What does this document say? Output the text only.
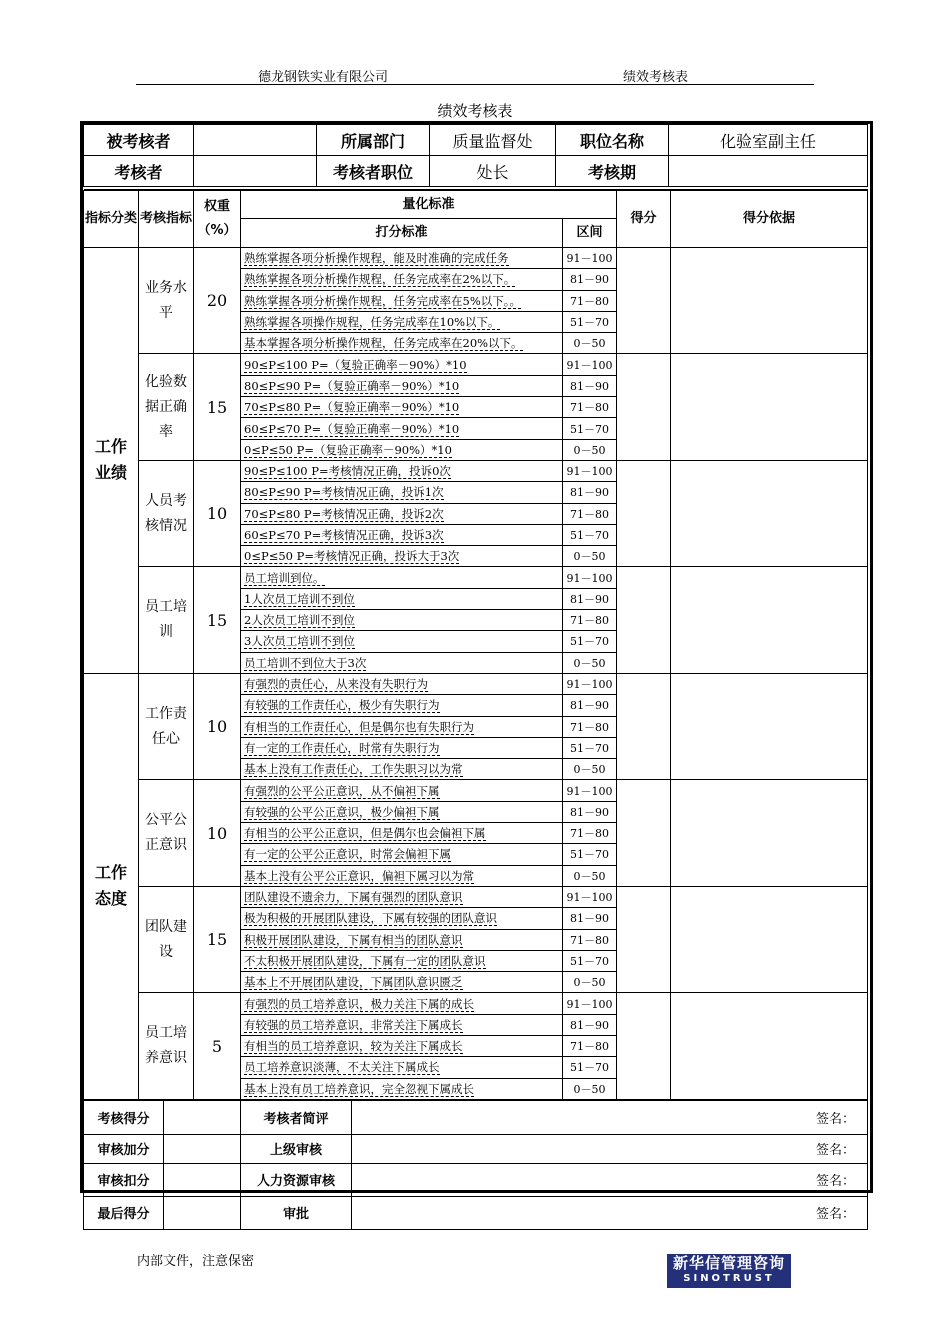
德龙钢铁实业有限公司	绩效考核表
绩效考核表
被考核者		所属部门	质量监督处	职位名称	化验室副主任
考核者		考核者职位	处长	考核期	

指标分类	考核指标	权重（%）	量化标准		得分	得分依据
			打分标准	区间		
工作业绩	业务水平	20	熟练掌握各项分析操作规程，能及时准确的完成任务	91－100		
			熟练掌握各项分析操作规程，任务完成率在2%以下。	81－90		
			熟练掌握各项分析操作规程，任务完成率在5%以下。。	71－80		
			熟练掌握各项操作规程，任务完成率在10%以下。	51－70		
			基本掌握各项分析操作规程，任务完成率在20%以下。	0－50		
	化验数据正确率	15	90≤P≤100 P=（复验正确率－90%）*10	91－100		
			80≤P≤90 P=（复验正确率－90%）*10	81－90		
			70≤P≤80 P=（复验正确率－90%）*10	71－80		
			60≤P≤70 P=（复验正确率－90%）*10	51－70		
			0≤P≤50 P=（复验正确率－90%）*10	0－50		
	人员考核情况	10	90≤P≤100 P=考核情况正确，投诉0次	91－100		
			80≤P≤90 P=考核情况正确，投诉1次	81－90		
			70≤P≤80 P=考核情况正确，投诉2次	71－80		
			60≤P≤70 P=考核情况正确，投诉3次	51－70		
			0≤P≤50 P=考核情况正确，投诉大于3次	0－50		
	员工培训	15	员工培训到位。	91－100		
			1人次员工培训不到位	81－90		
			2人次员工培训不到位	71－80		
			3人次员工培训不到位	51－70		
			员工培训不到位大于3次	0－50		
工作态度	工作责任心	10	有强烈的责任心，从来没有失职行为	91－100		
			有较强的工作责任心，极少有失职行为	81－90		
			有相当的工作责任心，但是偶尔也有失职行为	71－80		
			有一定的工作责任心，时常有失职行为	51－70		
			基本上没有工作责任心，工作失职习以为常	0－50		
	公平公正意识	10	有强烈的公平公正意识，从不偏袒下属	91－100		
			有较强的公平公正意识，极少偏袒下属	81－90		
			有相当的公平公正意识，但是偶尔也会偏袒下属	71－80		
			有一定的公平公正意识，时常会偏袒下属	51－70		
			基本上没有公平公正意识，偏袒下属习以为常	0－50		
	团队建设	15	团队建设不遗余力，下属有强烈的团队意识	91－100		
			极为积极的开展团队建设，下属有较强的团队意识	81－90		
			积极开展团队建设，下属有相当的团队意识	71－80		
			不太积极开展团队建设，下属有一定的团队意识	51－70		
			基本上不开展团队建设，下属团队意识匮乏	0－50		
	员工培养意识	5	有强烈的员工培养意识，极力关注下属的成长	91－100		
			有较强的员工培养意识，非常关注下属成长	81－90		
			有相当的员工培养意识，较为关注下属成长	71－80		
			员工培养意识淡薄，不太关注下属成长	51－70		
			基本上没有员工培养意识，完全忽视下属成长	0－50		
考核得分		考核者简评	签名：
审核加分		上级审核	签名：
审核扣分		人力资源审核	签名：
最后得分		审批	签名：
内部文件，注意保密	新华信管理咨询
SINOTRUST
